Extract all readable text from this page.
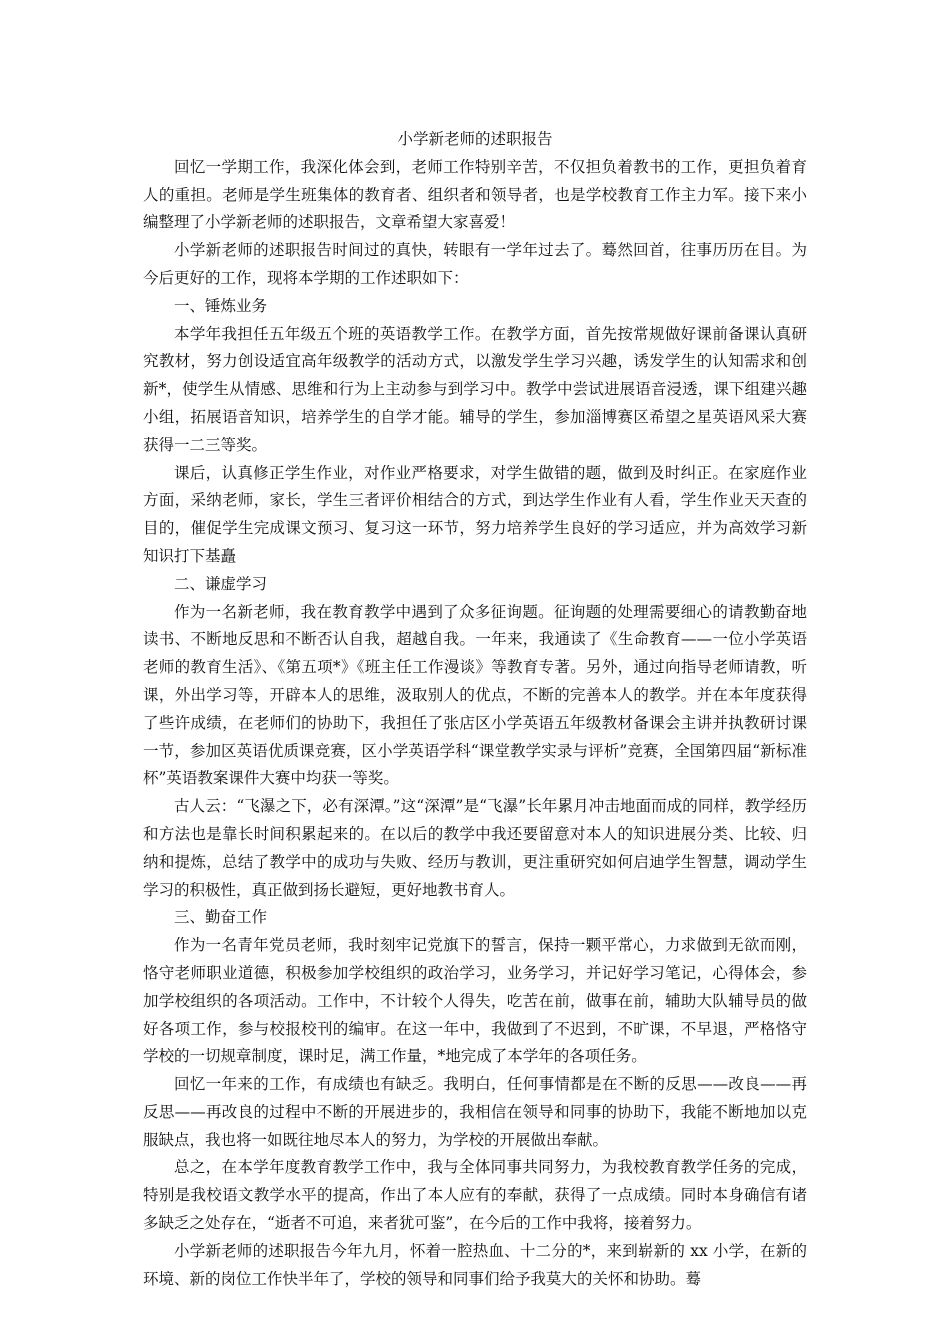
小学新老师的述职报告

回忆一学期工作，我深化体会到，老师工作特别辛苦，不仅担负着教书的工作，更担负着育人的重担。老师是学生班集体的教育者、组织者和领导者，也是学校教育工作主力军。接下来小编整理了小学新老师的述职报告，文章希望大家喜爱！

小学新老师的述职报告时间过的真快，转眼有一学年过去了。蓦然回首，往事历历在目。为今后更好的工作，现将本学期的工作述职如下：

一、锤炼业务

本学年我担任五年级五个班的英语教学工作。在教学方面，首先按常规做好课前备课认真研究教材，努力创设适宜高年级教学的活动方式，以激发学生学习兴趣，诱发学生的认知需求和创新*，使学生从情感、思维和行为上主动参与到学习中。教学中尝试进展语音浸透，课下组建兴趣小组，拓展语音知识，培养学生的自学才能。辅导的学生，参加淄博赛区希望之星英语风采大赛获得一二三等奖。

课后，认真修正学生作业，对作业严格要求，对学生做错的题，做到及时纠正。在家庭作业方面，采纳老师，家长，学生三者评价相结合的方式，到达学生作业有人看，学生作业天天查的目的，催促学生完成课文预习、复习这一环节，努力培养学生良好的学习适应，并为高效学习新知识打下基矗

二、谦虚学习

作为一名新老师，我在教育教学中遇到了众多征询题。征询题的处理需要细心的请教勤奋地读书、不断地反思和不断否认自我，超越自我。一年来，我通读了《生命教育——一位小学英语老师的教育生活》、《第五项*》《班主任工作漫谈》等教育专著。另外，通过向指导老师请教，听课，外出学习等，开辟本人的思维，汲取别人的优点，不断的完善本人的教学。并在本年度获得了些许成绩，在老师们的协助下，我担任了张店区小学英语五年级教材备课会主讲并执教研讨课一节，参加区英语优质课竞赛，区小学英语学科“课堂教学实录与评析”竞赛，全国第四届“新标准杯”英语教案课件大赛中均获一等奖。

古人云：“飞瀑之下，必有深潭。”这“深潭”是“飞瀑”长年累月冲击地面而成的同样，教学经历和方法也是靠长时间积累起来的。在以后的教学中我还要留意对本人的知识进展分类、比较、归纳和提炼，总结了教学中的成功与失败、经历与教训，更注重研究如何启迪学生智慧，调动学生学习的积极性，真正做到扬长避短，更好地教书育人。

三、勤奋工作

作为一名青年党员老师，我时刻牢记党旗下的誓言，保持一颗平常心，力求做到无欲而刚，恪守老师职业道德，积极参加学校组织的政治学习，业务学习，并记好学习笔记，心得体会，参加学校组织的各项活动。工作中，不计较个人得失，吃苦在前，做事在前，辅助大队辅导员的做好各项工作，参与校报校刊的编审。在这一年中，我做到了不迟到，不旷课，不早退，严格恪守学校的一切规章制度，课时足，满工作量，*地完成了本学年的各项任务。

回忆一年来的工作，有成绩也有缺乏。我明白，任何事情都是在不断的反思——改良——再反思——再改良的过程中不断的开展进步的，我相信在领导和同事的协助下，我能不断地加以克服缺点，我也将一如既往地尽本人的努力，为学校的开展做出奉献。

总之，在本学年度教育教学工作中，我与全体同事共同努力，为我校教育教学任务的完成，特别是我校语文教学水平的提高，作出了本人应有的奉献，获得了一点成绩。同时本身确信有诸多缺乏之处存在，“逝者不可追，来者犹可鉴”，在今后的工作中我将，接着努力。

小学新老师的述职报告今年九月，怀着一腔热血、十二分的*，来到崭新的 xx 小学，在新的环境、新的岗位工作快半年了，学校的领导和同事们给予我莫大的关怀和协助。蓦
